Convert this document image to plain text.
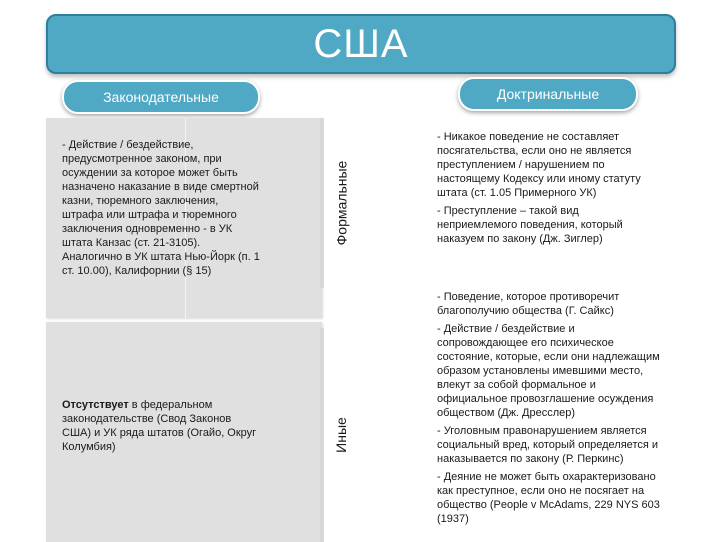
США
Законодательные	Доктринальные
- Действие / бездействие,
предусмотренное законом, при
осуждении за которое может быть
назначено наказание в виде смертной
казни, тюремного заключения,
штрафа или штрафа и тюремного
заключения одновременно - в УК
штата Канзас (ст. 21-3105).
Аналогично в УК штата Нью-Йорк (п. 1
ст. 10.00), Калифорнии (§ 15)
Отсутствует в федеральном
законодательстве (Свод Законов
США) и УК ряда штатов (Огайо, Округ
Колумбия)
Формальные
Иные

- Никакое поведение не составляет
посягательства, если оно не является
преступлением / нарушением по
настоящему Кодексу или иному статуту
штата (ст. 1.05 Примерного УК)

- Преступление – такой вид
неприемлемого поведения, который
наказуем по закону (Дж. Зиглер)

- Поведение, которое противоречит
благополучию общества (Г. Сайкс)

- Действие / бездействие и
сопровождающее его психическое
состояние, которые, если они надлежащим
образом установлены имевшими место,
влекут за собой формальное и
официальное провозглашение осуждения
обществом (Дж. Дресслер)

- Уголовным правонарушением является
социальный вред, который определяется и
наказывается по закону (Р. Перкинс)

- Деяние не может быть охарактеризовано
как преступное, если оно не посягает на
общество (People v McAdams, 229 NYS 603
(1937)
